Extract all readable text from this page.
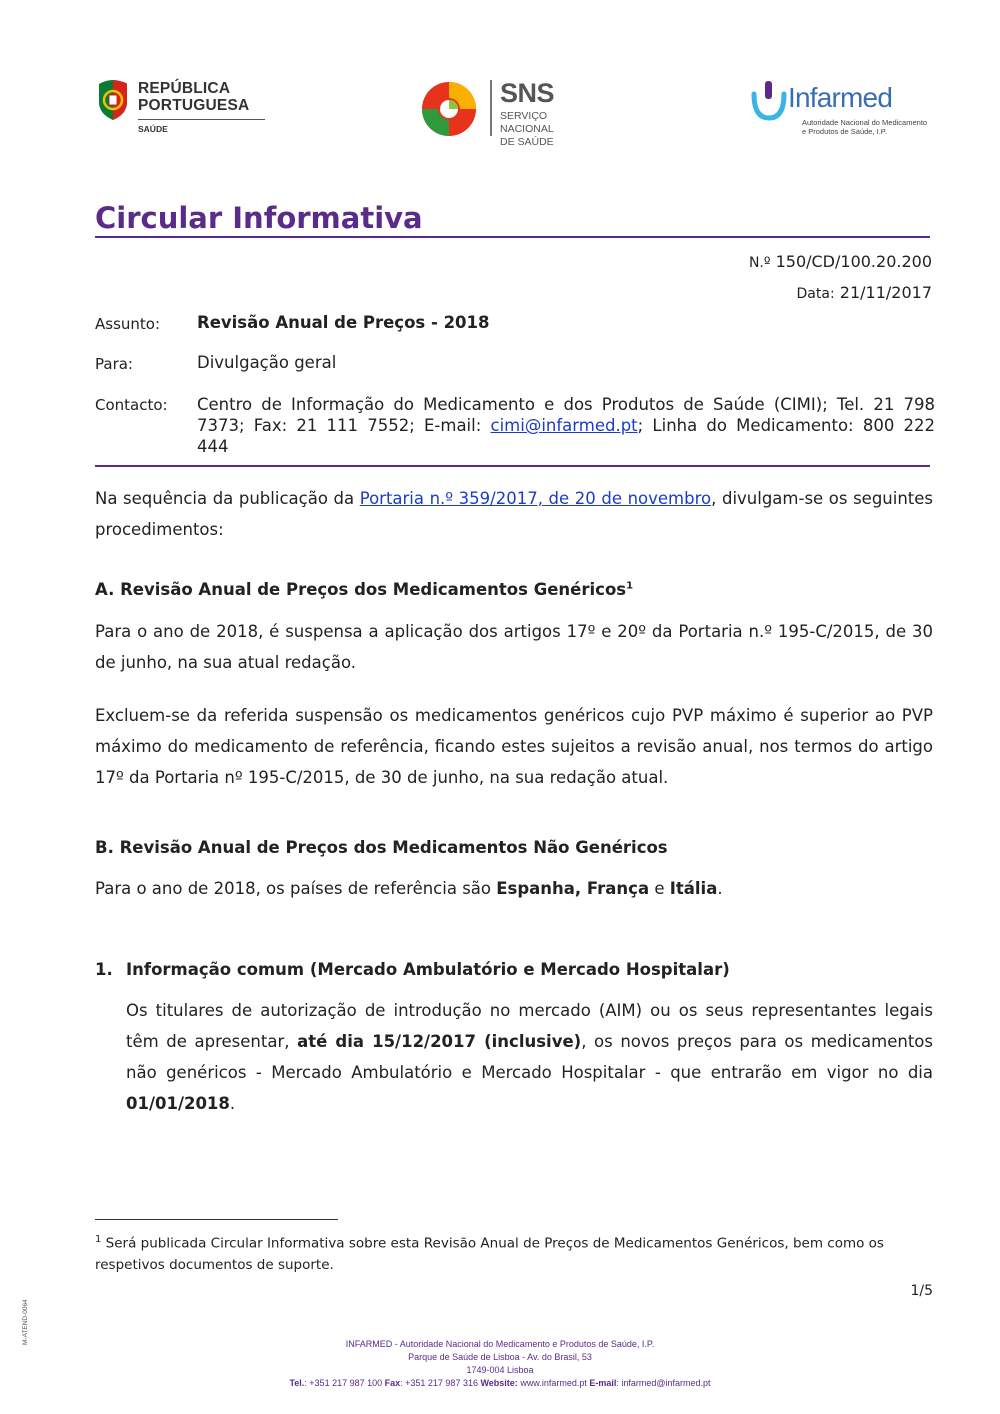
REPÚBLICA
PORTUGUESA
SAÚDE
SNS
SERVIÇO NACIONAL
DE SAÚDE
Infarmed
Autoridade Nacional do Medicamento
e Produtos de Saúde, I.P.
Circular Informativa
N.º 150/CD/100.20.200
Data: 21/11/2017
Assunto: Revisão Anual de Preços - 2018
Para:	Divulgação geral
Contacto: Centro de Informação do Medicamento e dos Produtos de Saúde (CIMI); Tel. 21 798
7373; Fax: 21 111 7552; E-mail: cimi@infarmed.pt; Linha do Medicamento: 800 222
444
Na sequência da publicação da Portaria n.º 359/2017, de 20 de novembro, divulgam-se os seguintes procedimentos:
A. Revisão Anual de Preços dos Medicamentos Genéricos$^1$
Para o ano de 2018, é suspensa a aplicação dos artigos 17º e 20º da Portaria n.º 195-C/2015, de 30 de junho, na sua atual redação.
Excluem-se da referida suspensão os medicamentos genéricos cujo PVP máximo é superior ao PVP máximo do medicamento de referência, ficando estes sujeitos a revisão anual, nos termos do artigo 17º da Portaria nº 195-C/2015, de 30 de junho, na sua redação atual.
B. Revisão Anual de Preços dos Medicamentos Não Genéricos
Para o ano de 2018, os países de referência são Espanha, França e Itália.
1. Informação comum (Mercado Ambulatório e Mercado Hospitalar)
Os titulares de autorização de introdução no mercado (AIM) ou os seus representantes legais têm de apresentar, até dia 15/12/2017 (inclusive), os novos preços para os medicamentos não genéricos - Mercado Ambulatório e Mercado Hospitalar - que entrarão em vigor no dia 01/01/2018.
$^1$ Será publicada Circular Informativa sobre esta Revisão Anual de Preços de Medicamentos Genéricos, bem como os respetivos documentos de suporte.
1/5
INFARMED - Autoridade Nacional do Medicamento e Produtos de Saúde, I.P.
Parque de Saúde de Lisboa - Av. do Brasil, 53
1749-004 Lisboa
Tel.: +351 217 987 100 Fax: +351 217 987 316 Website: www.infarmed.pt E-mail: infarmed@infarmed.pt
M-ATEND-0064
